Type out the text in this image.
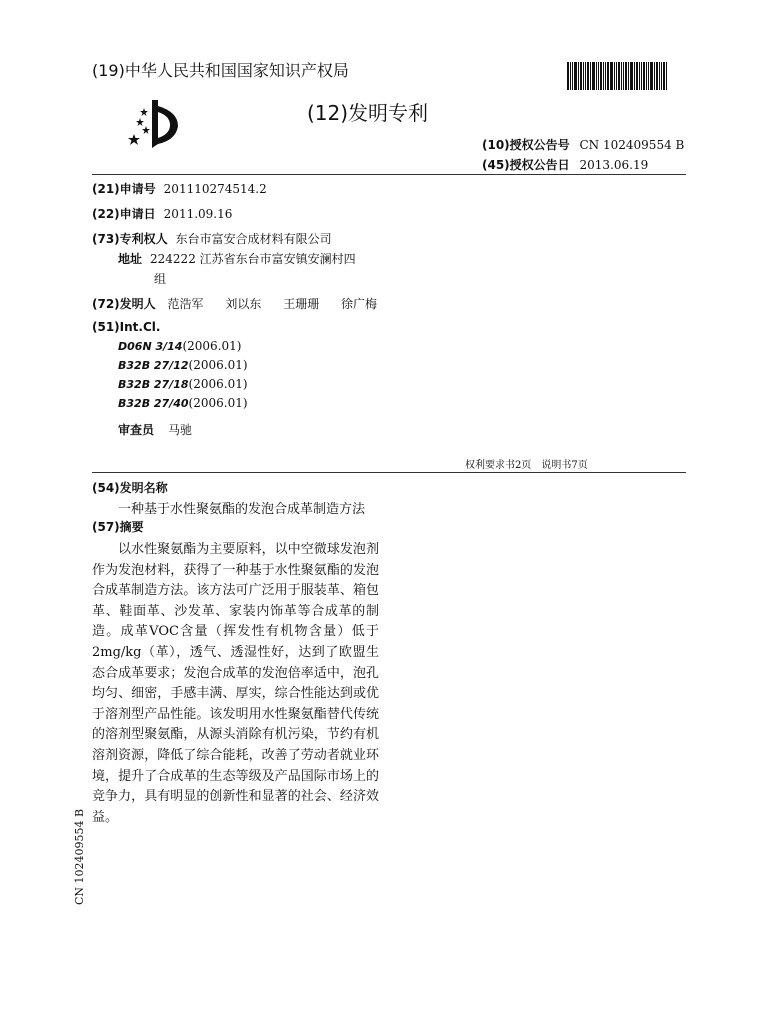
(19)中华人民共和国国家知识产权局
(12)发明专利
(10)授权公告号 CN 102409554 B
(45)授权公告日 2013.06.19
(21)申请号 201110274514.2
(22)申请日 2011.09.16
(73)专利权人 东台市富安合成材料有限公司
地址 224222 江苏省东台市富安镇安澜村四
组
(72)发明人 范浩军 刘以东 王珊珊 徐广梅
(51)Int.Cl.
D06N 3/14(2006.01)
B32B 27/12(2006.01)
B32B 27/18(2006.01)
B32B 27/40(2006.01)
审查员 马驰
权利要求书2页　说明书7页
(54)发明名称
一种基于水性聚氨酯的发泡合成革制造方法
(57)摘要

以水性聚氨酯为主要原料，以中空微球发泡剂作为发泡材料，获得了一种基于水性聚氨酯的发泡合成革制造方法。该方法可广泛用于服装革、箱包革、鞋面革、沙发革、家装内饰革等合成革的制造。成革VOC含量（挥发性有机物含量）低于2mg/kg（革），透气、透湿性好，达到了欧盟生态合成革要求；发泡合成革的发泡倍率适中，泡孔均匀、细密，手感丰满、厚实，综合性能达到或优于溶剂型产品性能。该发明用水性聚氨酯替代传统的溶剂型聚氨酯，从源头消除有机污染，节约有机溶剂资源，降低了综合能耗，改善了劳动者就业环境，提升了合成革的生态等级及产品国际市场上的竞争力，具有明显的创新性和显著的社会、经济效益。

CN 102409554 B
